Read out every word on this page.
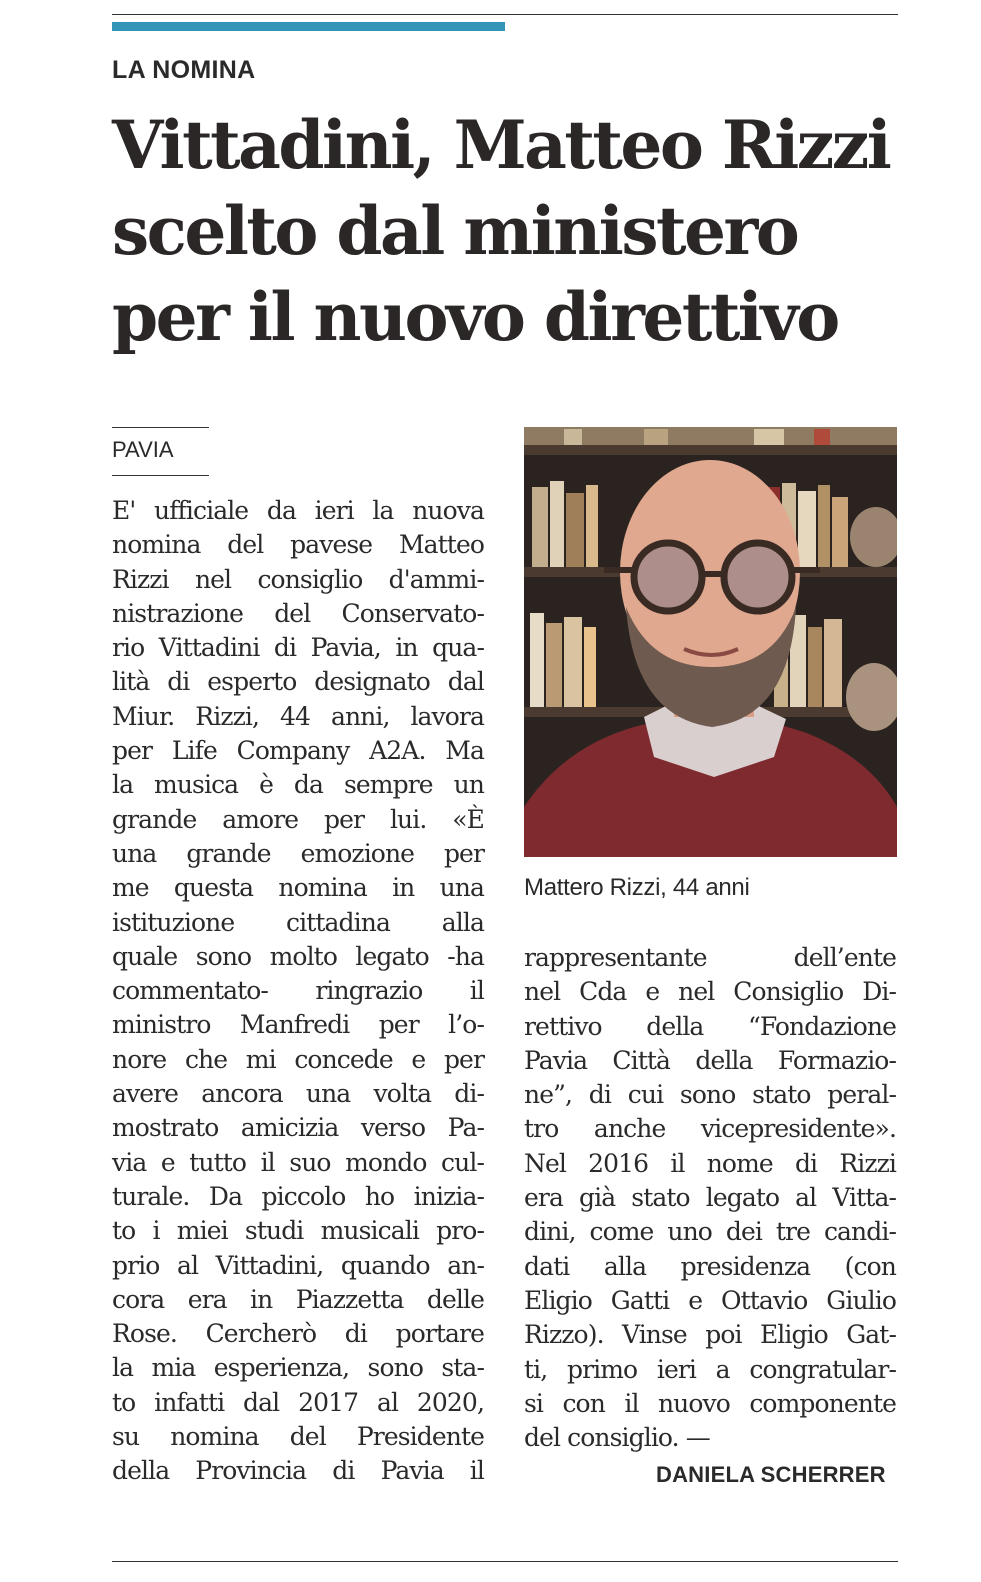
LA NOMINA

Vittadini, Matteo Rizzi
scelto dal ministero
per il nuovo direttivo

PAVIA

E' ufficiale da ieri la nuova
nomina del pavese Matteo
Rizzi nel consiglio d'ammi-
nistrazione del Conservato-
rio Vittadini di Pavia, in qua-
lità di esperto designato dal
Miur. Rizzi, 44 anni, lavora
per Life Company A2A. Ma
la musica è da sempre un
grande amore per lui. «È
una grande emozione per
me questa nomina in una
istituzione cittadina alla
quale sono molto legato -ha
commentato- ringrazio il
ministro Manfredi per l’o-
nore che mi concede e per
avere ancora una volta di-
mostrato amicizia verso Pa-
via e tutto il suo mondo cul-
turale. Da piccolo ho inizia-
to i miei studi musicali pro-
prio al Vittadini, quando an-
cora era in Piazzetta delle
Rose. Cercherò di portare
la mia esperienza, sono sta-
to infatti dal 2017 al 2020,
su nomina del Presidente
della Provincia di Pavia il

Mattero Rizzi, 44 anni

rappresentante dell’ente
nel Cda e nel Consiglio Di-
rettivo della “Fondazione
Pavia Città della Formazio-
ne”, di cui sono stato peral-
tro anche vicepresidente».
Nel 2016 il nome di Rizzi
era già stato legato al Vitta-
dini, come uno dei tre candi-
dati alla presidenza (con
Eligio Gatti e Ottavio Giulio
Rizzo). Vinse poi Eligio Gat-
ti, primo ieri a congratular-
si con il nuovo componente
del consiglio. —

DANIELA SCHERRER
